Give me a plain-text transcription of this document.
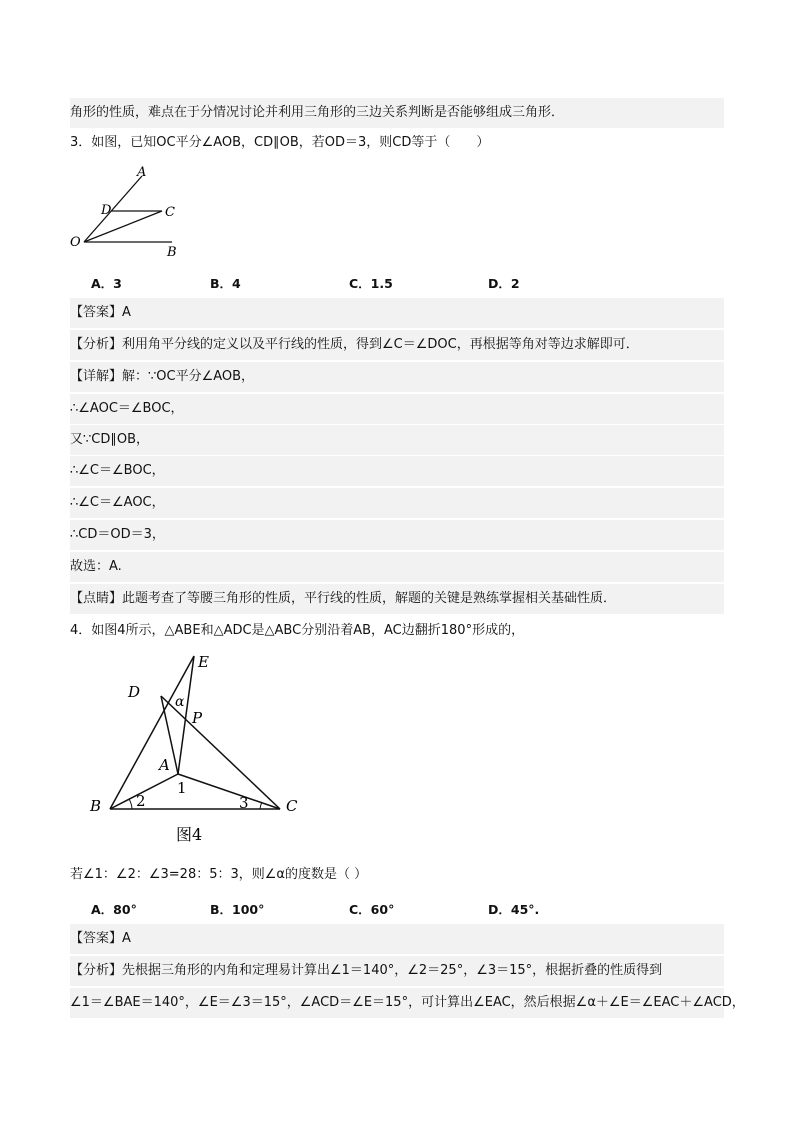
角形的性质，难点在于分情况讨论并利用三角形的三边关系判断是否能够组成三角形．
3．如图，已知OC平分∠AOB，CD∥OB，若OD＝3，则CD等于（　　）
A
D	C
O
B
A．3	B．4	C．1.5	D．2
【答案】A
【分析】利用角平分线的定义以及平行线的性质，得到∠C＝∠DOC，再根据等角对等边求解即可．
【详解】解：∵OC平分∠AOB，
∴∠AOC＝∠BOC，
又∵CD∥OB，
∴∠C＝∠BOC，
∴∠C＝∠AOC，
∴CD＝OD＝3，
故选：A.
【点睛】此题考查了等腰三角形的性质，平行线的性质，解题的关键是熟练掌握相关基础性质．
4．如图4所示，△ABE和△ADC是△ABC分别沿着AB，AC边翻折180°形成的，
E
D
α
P
A
1
B 2	3 C
图4
若∠1：∠2：∠3=28：5：3，则∠α的度数是（ ）
A．80°	B．100°	C．60°	D．45°.
【答案】A
【分析】先根据三角形的内角和定理易计算出∠1＝140°，∠2＝25°，∠3＝15°，根据折叠的性质得到
∠1＝∠BAE＝140°，∠E＝∠3＝15°，∠ACD＝∠E＝15°，可计算出∠EAC，然后根据∠α＋∠E＝∠EAC＋∠ACD，
